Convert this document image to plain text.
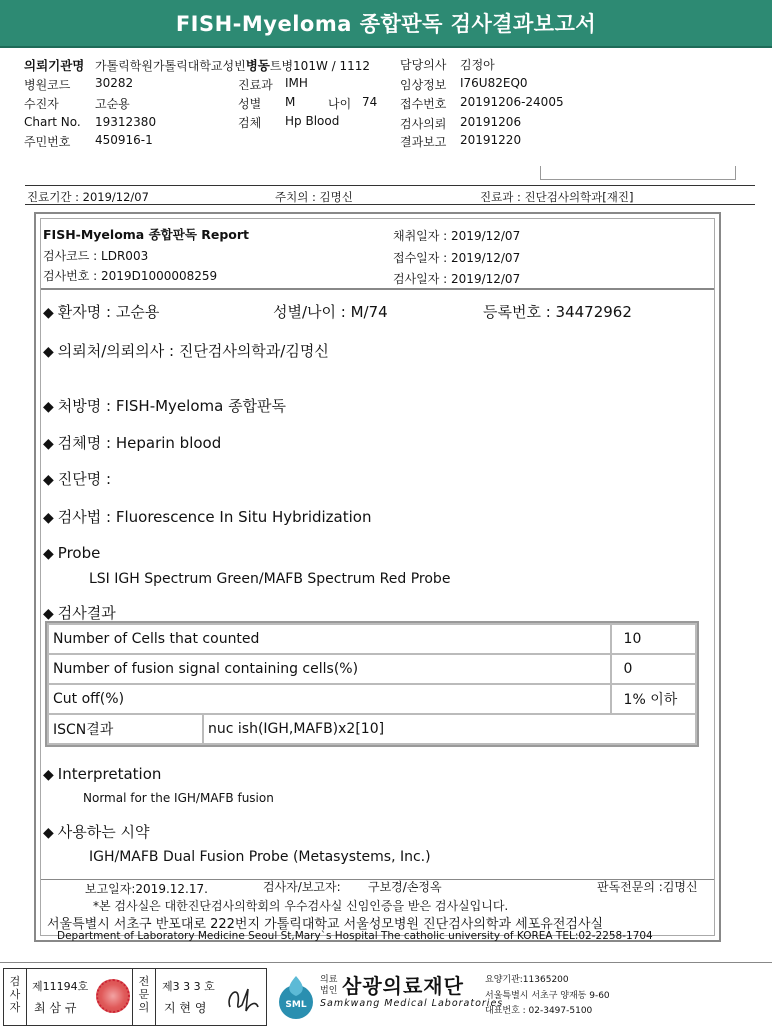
FISH-Myeloma 종합판독 검사결과보고서
의뢰기관명 가톨릭학원가톨릭대학교성빈병동트병101W / 1112 담당의사 김정아
병원코드 30282	진료과 IMH	임상정보 I76U82EQ0
수진자	고순용	성별 M	나이 74 접수번호 20191206-24005
Chart No. 19312380	검체 Hp Blood	검사의뢰 20191206
주민번호 450916-1	결과보고 20191220
진료기간 : 2019/12/07	주치의 : 김명신	진료과 : 진단검사의학과[재진]
FISH-Myeloma 종합판독 Report
검사코드 : LDR003
검사번호 : 2019D1000008259
채취일자 : 2019/12/07
접수일자 : 2019/12/07
검사일자 : 2019/12/07
◆ 환자명 : 고순용	성별/나이 : M/74	등록번호 : 34472962
◆ 의뢰처/의뢰의사 : 진단검사의학과/김명신
◆ 처방명 : FISH-Myeloma 종합판독
◆ 검체명 : Heparin blood
◆ 진단명 :
◆ 검사법 : Fluorescence In Situ Hybridization
◆ Probe
LSI IGH Spectrum Green/MAFB Spectrum Red Probe
◆ 검사결과
Number of Cells that counted		10
Number of fusion signal containing cells(%)		0
Cut off(%)		1% 이하
ISCN결과	nuc ish(IGH,MAFB)x2[10]	
◆ Interpretation
Normal for the IGH/MAFB fusion
◆ 사용하는 시약
IGH/MAFB Dual Fusion Probe (Metasystems, Inc.)
보고일자:2019.12.17.	검사자/보고자: 구보경/손정옥	판독전문의 :김명신
*본 검사실은 대한진단검사의학회의 우수검사실 신임인증을 받은 검사실입니다.
서울특별시 서초구 반포대로 222번지 가톨릭대학교 서울성모병원 진단검사의학과 세포유전검사실
Department of Laboratory Medicine Seoul St,Mary`s Hospital The catholic university of KOREA TEL:02-2258-1704
검사자
제11194호
최 삼 규
전문의
제3 3 3 호
지 현 영	SML
의료
법인 삼광의료재단
Samkwang Medical Laboratories
요양기관:11365200
서울특별시 서초구 양재동 9-60
대표번호 : 02-3497-5100
